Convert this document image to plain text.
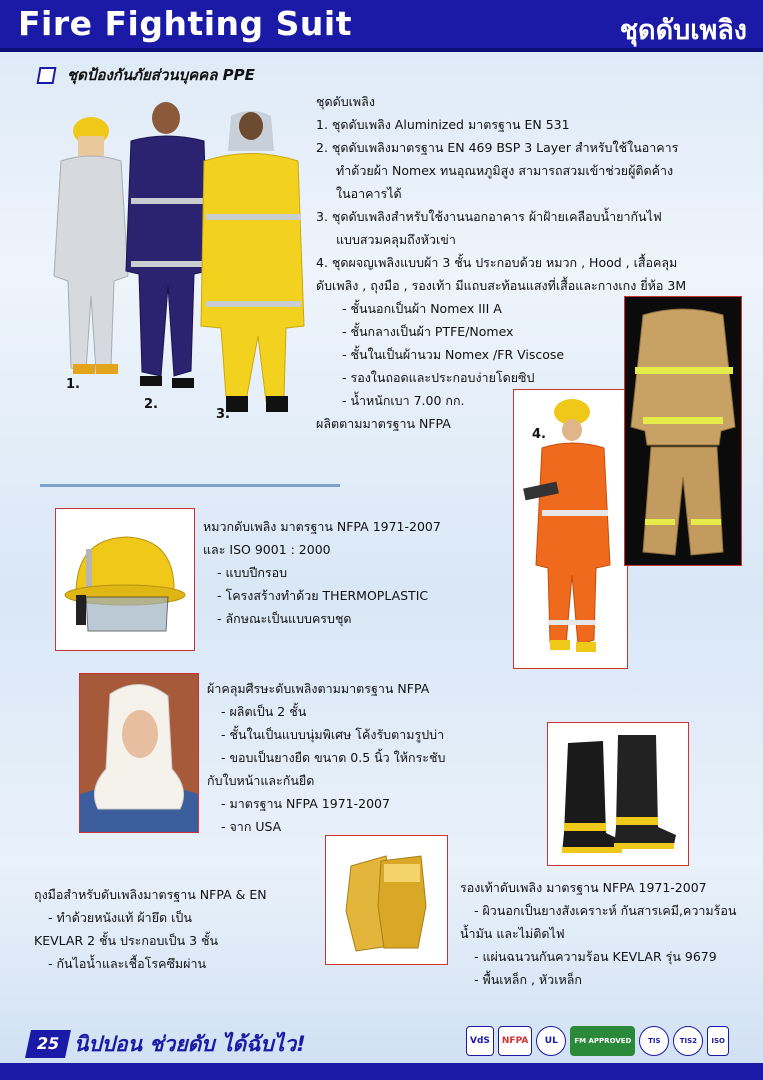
Fire Fighting Suit	ชุดดับเพลิง
ชุดป้องกันภัยส่วนบุคคล PPE
1.
2.
3.
ชุดดับเพลิง
1. ชุดดับเพลิง Aluminized มาตรฐาน EN 531
2. ชุดดับเพลิงมาตรฐาน EN 469 BSP 3 Layer สำหรับใช้ในอาคาร
ทำด้วยผ้า Nomex ทนอุณหภูมิสูง สามารถสวมเข้าช่วยผู้ติดค้าง
ในอาคารได้
3. ชุดดับเพลิงสำหรับใช้งานนอกอาคาร ผ้าฝ้ายเคลือบน้ำยากันไฟ
แบบสวมคลุมถึงหัวเข่า
4. ชุดผจญเพลิงแบบผ้า 3 ชั้น ประกอบด้วย หมวก , Hood , เสื้อคลุม
ดับเพลิง , ถุงมือ , รองเท้า มีแถบสะท้อนแสงที่เสื้อและกางเกง ยี่ห้อ 3M
- ชั้นนอกเป็นผ้า Nomex III A
- ชั้นกลางเป็นผ้า PTFE/Nomex
- ชั้นในเป็นผ้านวม Nomex /FR Viscose
- รองในถอดและประกอบง่ายโดยซิป
- น้ำหนักเบา 7.00 กก.
ผลิตตามมาตรฐาน NFPA
4.
หมวกดับเพลิง มาตรฐาน NFPA 1971-2007
และ ISO 9001 : 2000
- แบบปีกรอบ
- โครงสร้างทำด้วย THERMOPLASTIC
- ลักษณะเป็นแบบครบชุด
ผ้าคลุมศีรษะดับเพลิงตามมาตรฐาน NFPA
- ผลิตเป็น 2 ชั้น
- ชั้นในเป็นแบบนุ่มพิเศษ โค้งรับตามรูปบ่า
- ขอบเป็นยางยืด ขนาด 0.5 นิ้ว ให้กระชับ
กับใบหน้าและกันยืด
- มาตรฐาน NFPA 1971-2007
- จาก USA
ถุงมือสำหรับดับเพลิงมาตรฐาน NFPA & EN
- ทำด้วยหนังแท้ ผ้ายึด เป็น
KEVLAR 2 ชั้น ประกอบเป็น 3 ชั้น
- กันไอน้ำและเชื้อโรคซึมผ่าน
รองเท้าดับเพลิง มาตรฐาน NFPA 1971-2007
- ผิวนอกเป็นยางสังเคราะห์ กันสารเคมี,ความร้อน
น้ำมัน และไม่ติดไฟ
- แผ่นฉนวนกันความร้อน KEVLAR รุ่น 9679
- พื้นเหล็ก , หัวเหล็ก
25 นิปปอน ช่วยดับ ได้ฉับไว!	VdS	NFPA	UL	FM APPROVED	TIS	TIS2	ISO
